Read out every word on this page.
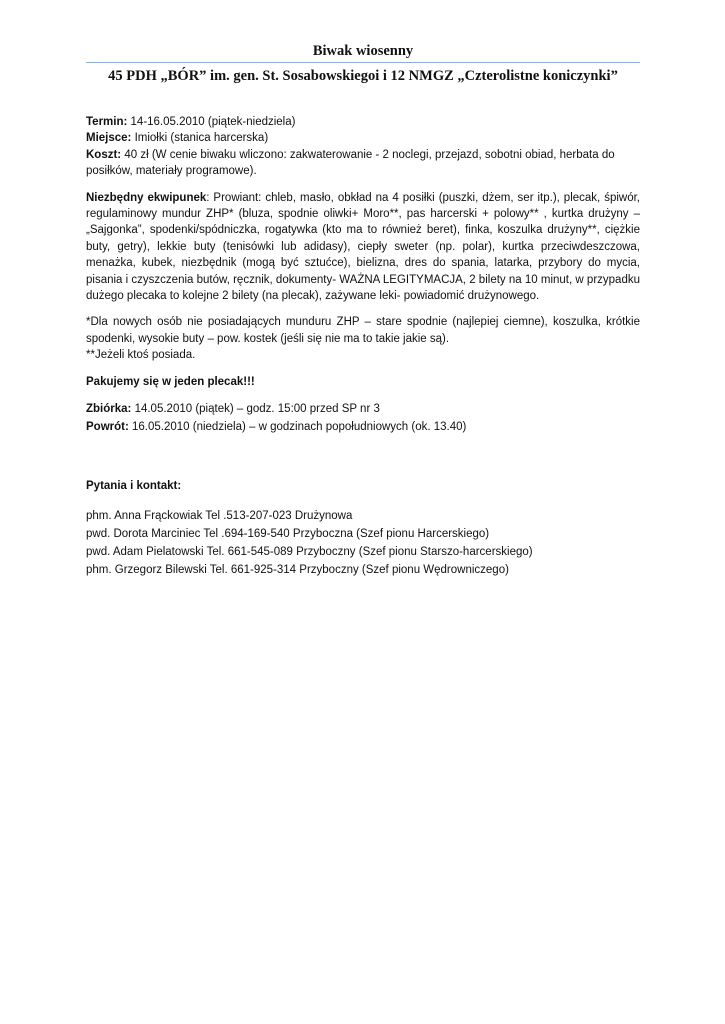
Biwak wiosenny
45 PDH „BÓR” im. gen. St. Sosabowskiegoi i 12 NMGZ „Czterolistne koniczynki”

Termin: 14-16.05.2010 (piątek-niedziela)

Miejsce: Imiołki (stanica harcerska)

Koszt: 40 zł (W cenie biwaku wliczono: zakwaterowanie - 2 noclegi, przejazd, sobotni obiad, herbata do posiłków, materiały programowe).

Niezbędny ekwipunek: Prowiant: chleb, masło, obkład na 4 posiłki (puszki, dżem, ser itp.), plecak, śpiwór, regulaminowy mundur ZHP* (bluza, spodnie oliwki+ Moro**, pas harcerski + polowy** , kurtka drużyny – „Sajgonka”, spodenki/spódniczka, rogatywka (kto ma to również beret), finka, koszulka drużyny**, ciężkie buty, getry), lekkie buty (tenisówki lub adidasy), ciepły sweter (np. polar), kurtka przeciwdeszczowa, menażka, kubek, niezbędnik (mogą być sztućce), bielizna, dres do spania, latarka, przybory do mycia, pisania i czyszczenia butów, ręcznik, dokumenty- WAŻNA LEGITYMACJA, 2 bilety na 10 minut, w przypadku dużego plecaka to kolejne 2 bilety (na plecak), zażywane leki- powiadomić drużynowego.

*Dla nowych osób nie posiadających munduru ZHP – stare spodnie (najlepiej ciemne), koszulka, krótkie spodenki, wysokie buty – pow. kostek (jeśli się nie ma to takie jakie są).

**Jeżeli ktoś posiada.

Pakujemy się w jeden plecak!!!

Zbiórka: 14.05.2010 (piątek) – godz. 15:00 przed SP nr 3

Powrót: 16.05.2010 (niedziela) – w godzinach popołudniowych (ok. 13.40)

Pytania i kontakt:

phm. Anna Frąckowiak Tel .513-207-023 Drużynowa

pwd. Dorota Marciniec Tel .694-169-540 Przyboczna (Szef pionu Harcerskiego)

pwd. Adam Pielatowski Tel. 661-545-089 Przyboczny (Szef pionu Starszo-harcerskiego)

phm. Grzegorz Bilewski Tel. 661-925-314 Przyboczny (Szef pionu Wędrowniczego)
